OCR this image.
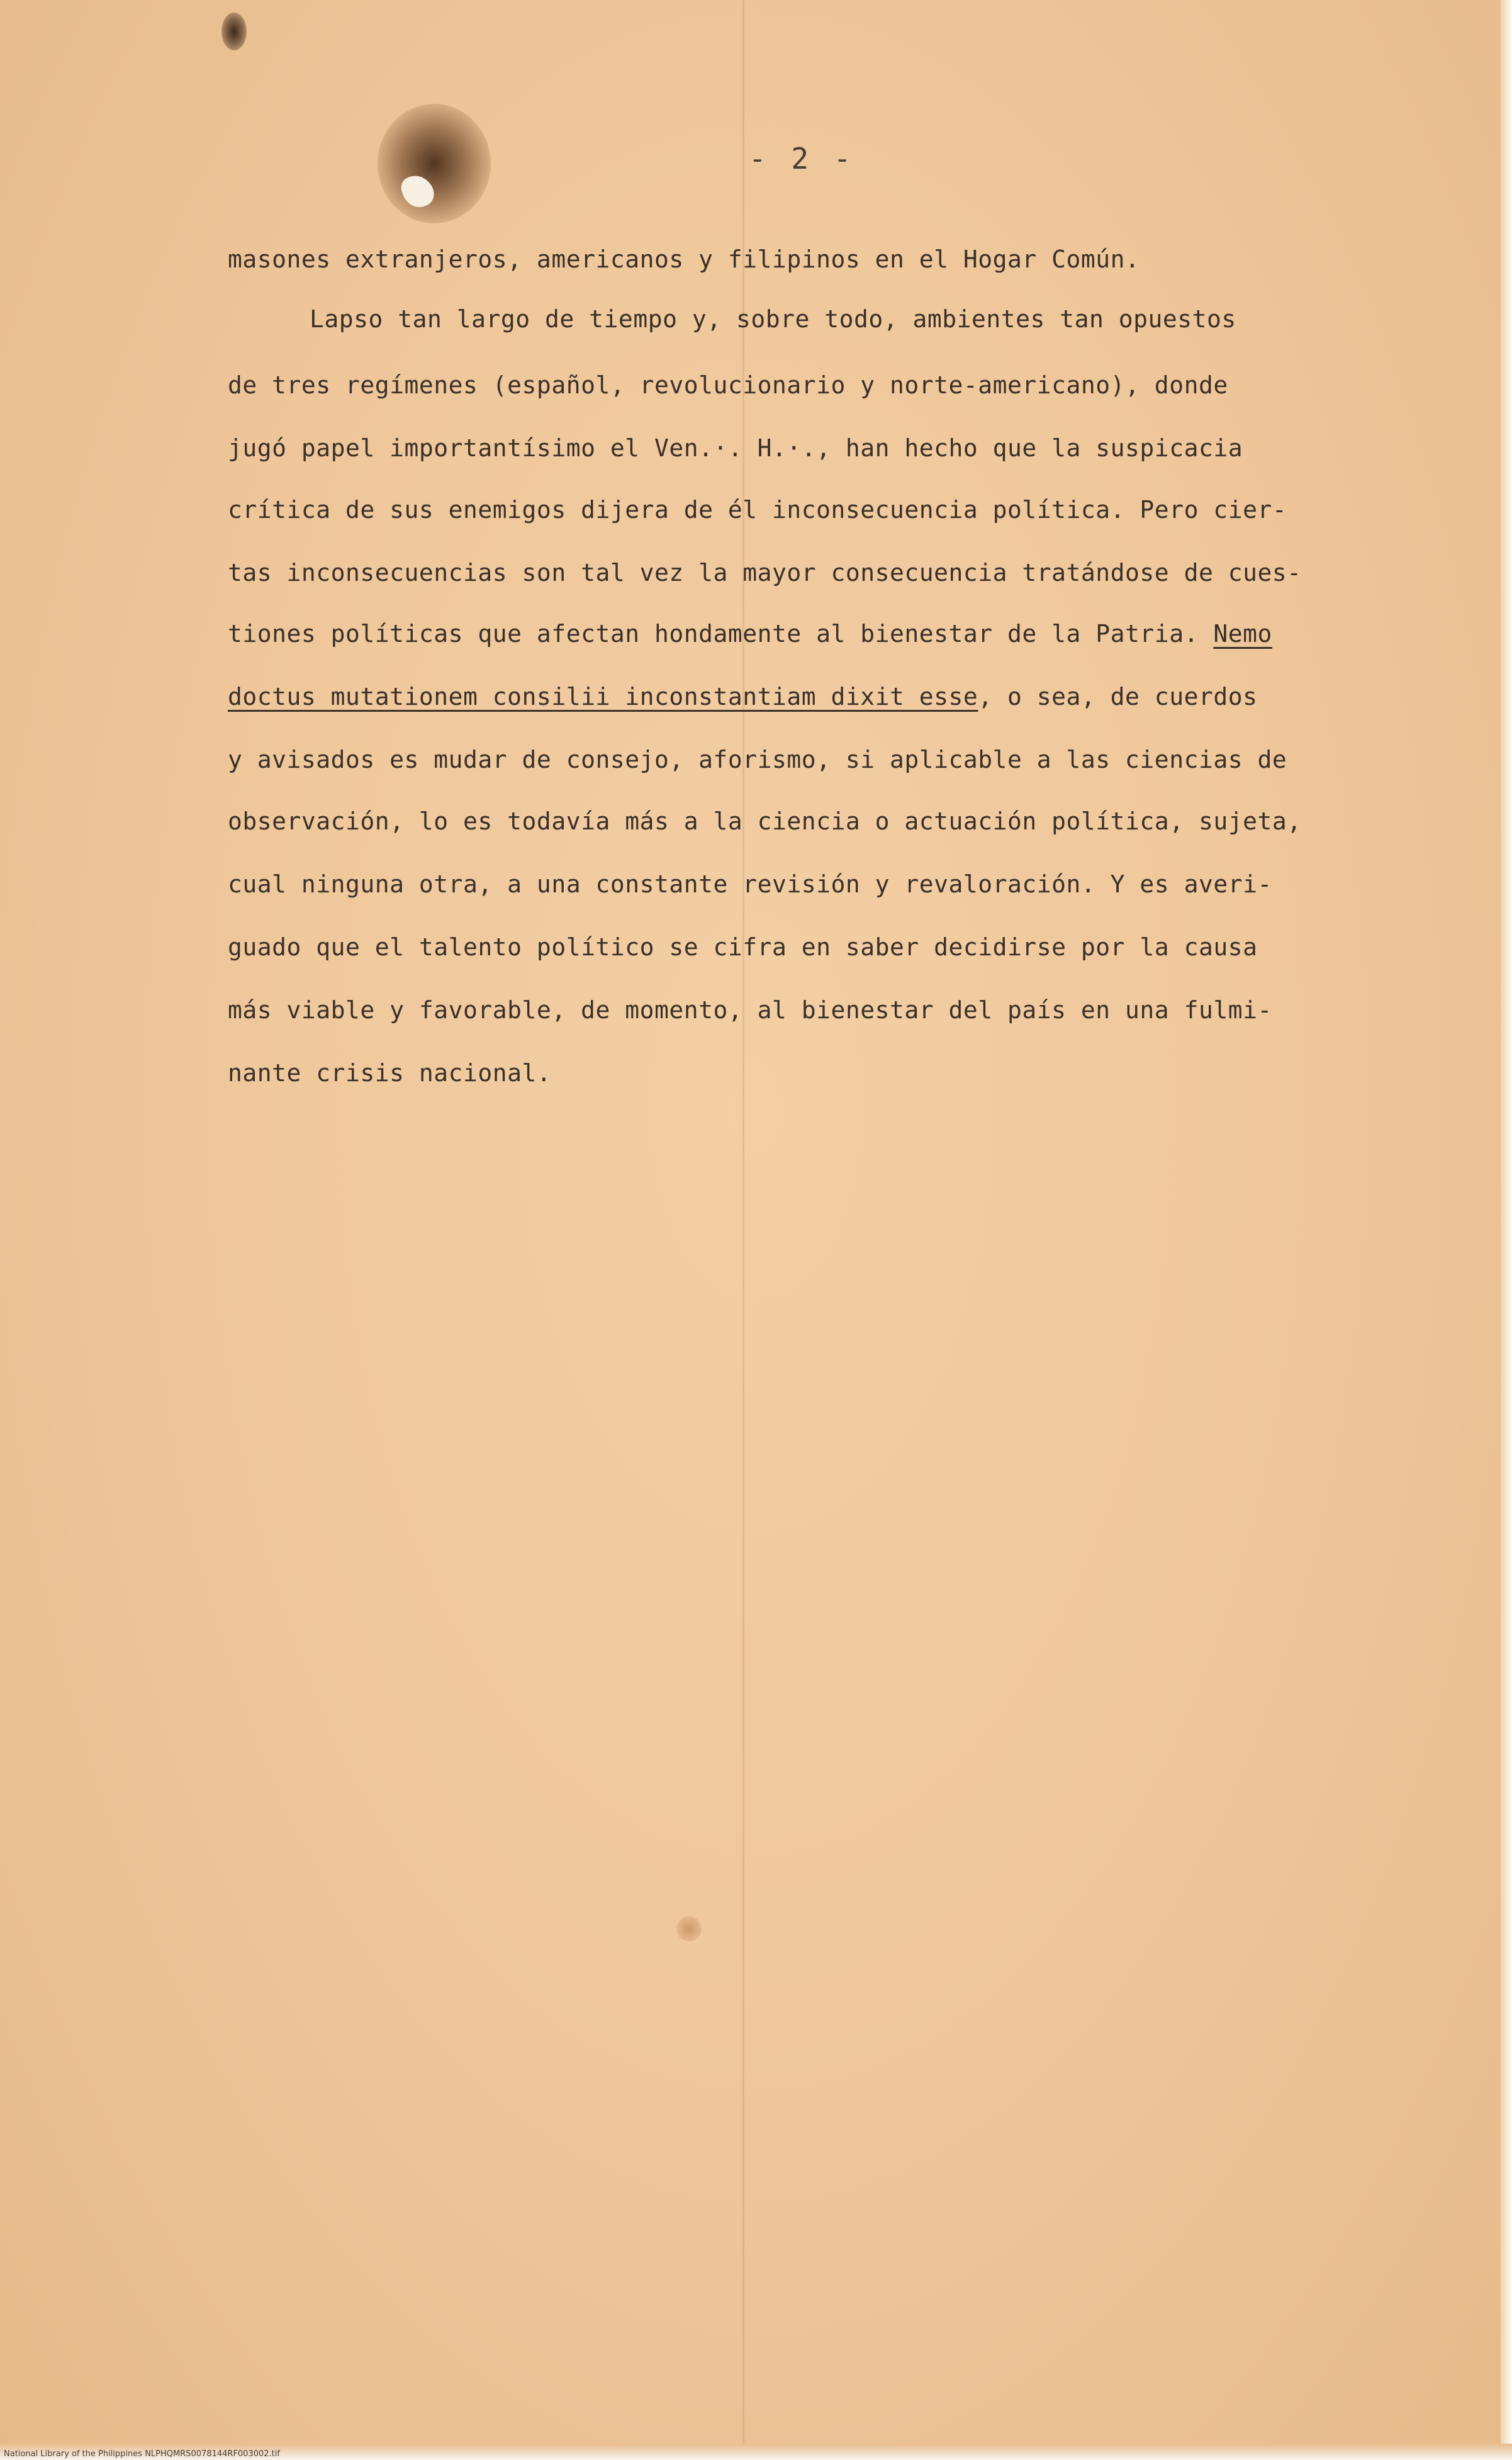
- 2 -
masones extranjeros, americanos y filipinos en el Hogar Común.
Lapso tan largo de tiempo y, sobre todo, ambientes tan opuestos
de tres regímenes (español, revolucionario y norte-americano), donde
jugó papel importantísimo el Ven.·. H.·., han hecho que la suspicacia
crítica de sus enemigos dijera de él inconsecuencia política. Pero cier-
tas inconsecuencias son tal vez la mayor consecuencia tratándose de cues-
tiones políticas que afectan hondamente al bienestar de la Patria. Nemo
doctus mutationem consilii inconstantiam dixit esse, o sea, de cuerdos
y avisados es mudar de consejo, aforismo, si aplicable a las ciencias de
observación, lo es todavía más a la ciencia o actuación política, sujeta,
cual ninguna otra, a una constante revisión y revaloración. Y es averi-
guado que el talento político se cifra en saber decidirse por la causa
más viable y favorable, de momento, al bienestar del país en una fulmi-
nante crisis nacional.
National Library of the Philippines NLPHQMRS0078144RF003002.tif
